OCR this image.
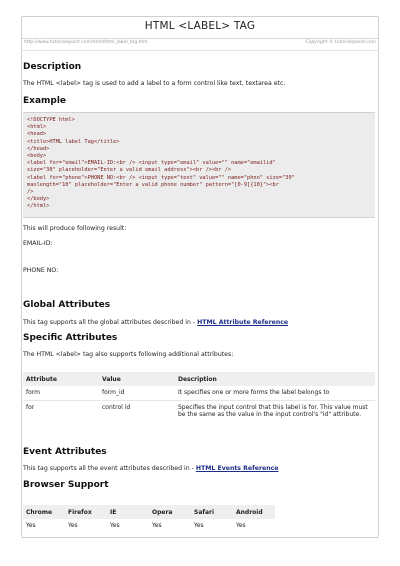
HTML <LABEL> TAG
http://www.tutorialspoint.com/html/html_label_tag.htm	Copyright © tutorialspoint.com
Description
The HTML <label> tag is used to add a label to a form control like text, textarea etc.
Example
<!DOCTYPE html>
<html>
<head>
<title>HTML label Tag</title>
</head>
<body>
<label for="email">EMAIL-ID:<br /> <input type="email" value="" name="emailid"
size="30" placeholder="Enter a valid email address"><br /><br />
<label for="phone">PHONE NO:<br /> <input type="text" value="" name="phno" size="30"
maxlength="10" placeholder="Enter a valid phone number" pattern="[0-9]{10}"><br
/>
</body>
</html>
This will produce following result:
EMAIL-ID:
PHONE NO:
Global Attributes
This tag supports all the global attributes described in - HTML Attribute Reference
Specific Attributes
The HTML <label> tag also supports following additional attributes:
Attribute	Value	Description
form	form_id	It specifies one or more forms the label belongs to
for	control id	Specifies the input control that this label is for. This value must be the same as the value in the input control's "id" attribute.
Event Attributes
This tag supports all the event attributes described in - HTML Events Reference
Browser Support
Chrome	Firefox	IE	Opera	Safari	Android
Yes	Yes	Yes	Yes	Yes	Yes
